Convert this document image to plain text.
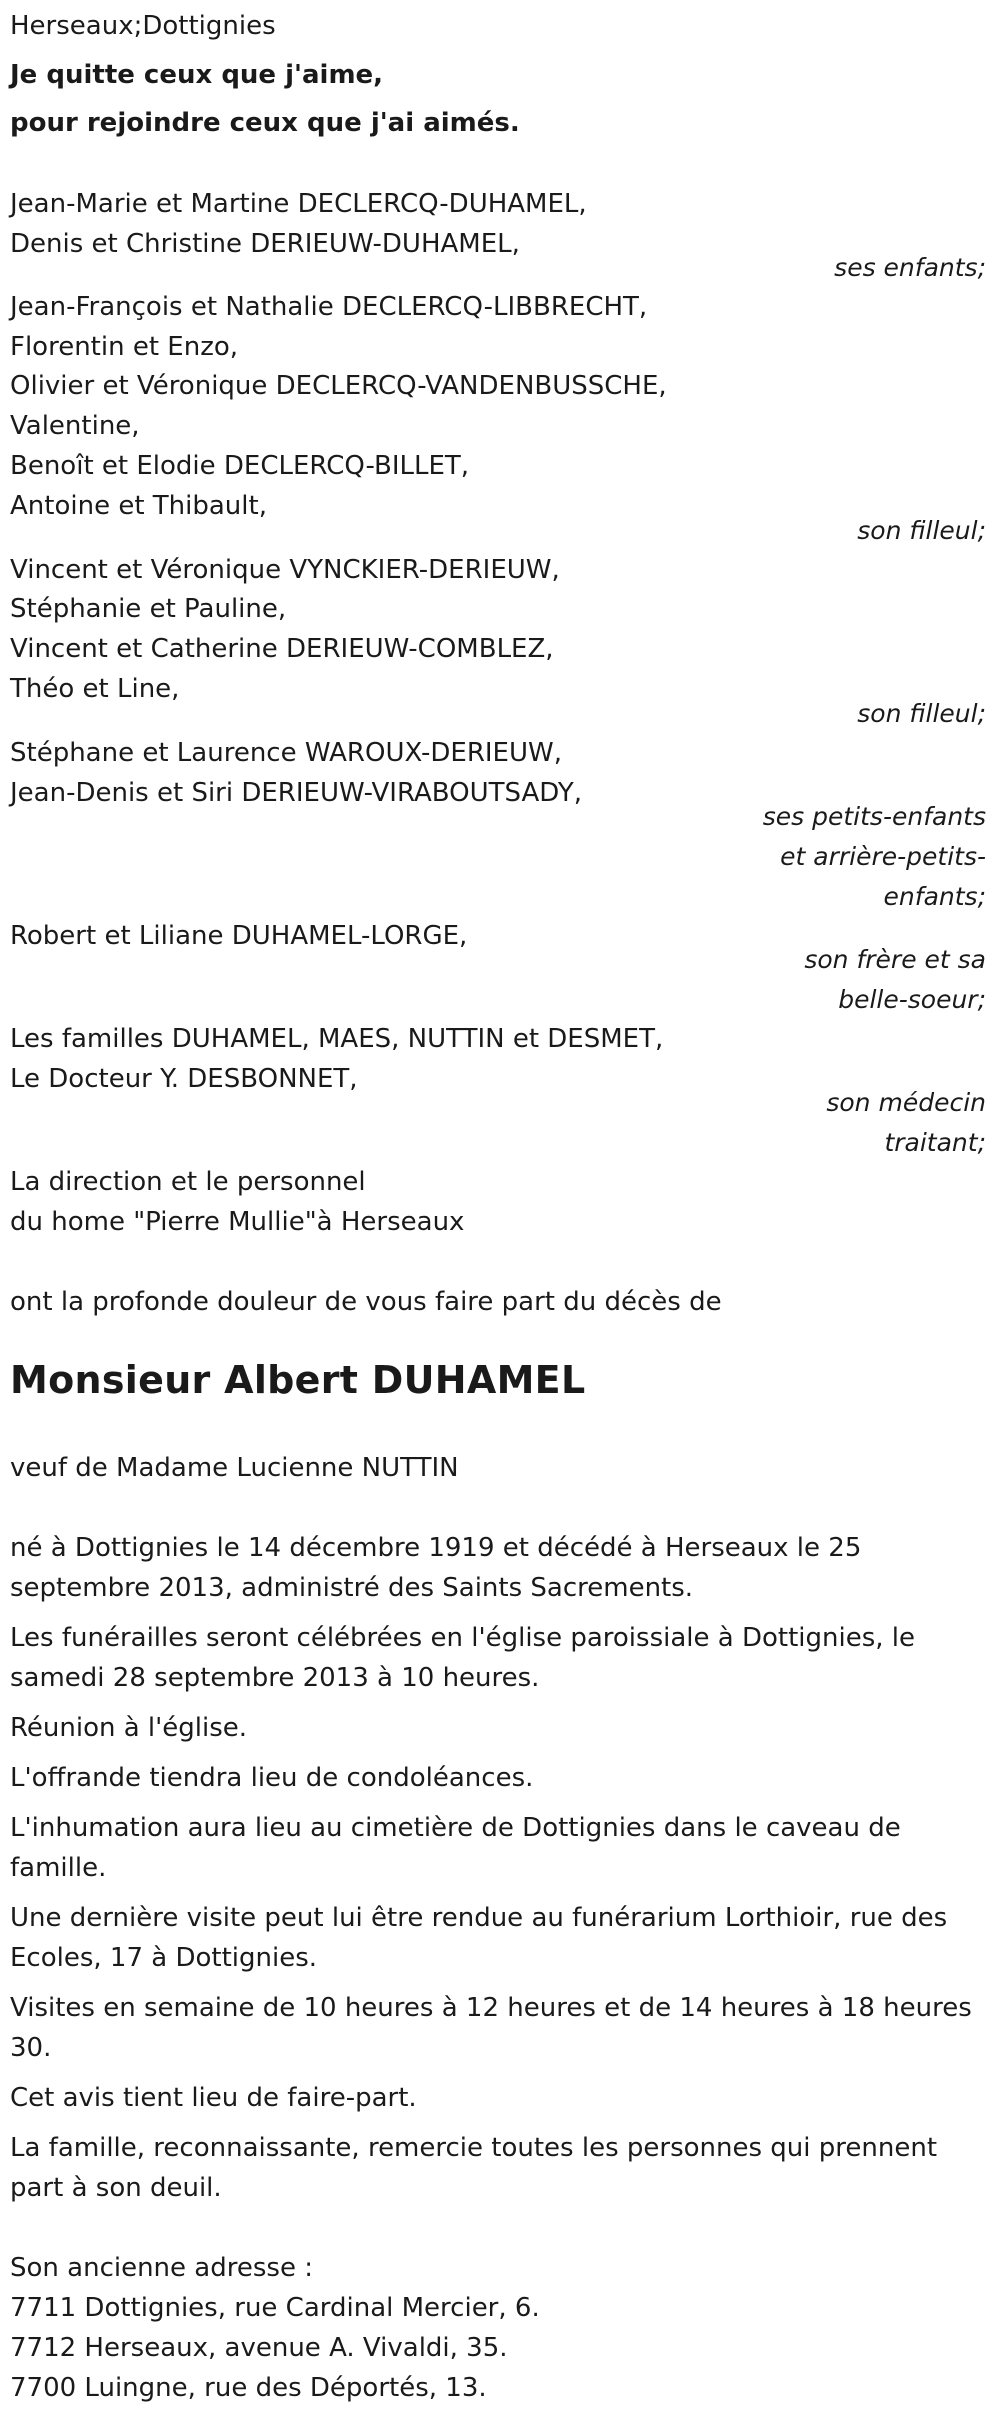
Herseaux;Dottignies
Je quitte ceux que j'aime,
pour rejoindre ceux que j'ai aimés.
Jean-Marie et Martine DECLERCQ-DUHAMEL,
Denis et Christine DERIEUW-DUHAMEL,
ses enfants;
Jean-François et Nathalie DECLERCQ-LIBBRECHT,
Florentin et Enzo,
Olivier et Véronique DECLERCQ-VANDENBUSSCHE,
Valentine,
Benoît et Elodie DECLERCQ-BILLET,
Antoine et Thibault,
son filleul;
Vincent et Véronique VYNCKIER-DERIEUW,
Stéphanie et Pauline,
Vincent et Catherine DERIEUW-COMBLEZ,
Théo et Line,
son filleul;
Stéphane et Laurence WAROUX-DERIEUW,
Jean-Denis et Siri DERIEUW-VIRABOUTSADY,
ses petits-enfants
et arrière-petits-
enfants;
Robert et Liliane DUHAMEL-LORGE,
son frère et sa
belle-soeur;
Les familles DUHAMEL, MAES, NUTTIN et DESMET,
Le Docteur Y. DESBONNET,
son médecin
traitant;
La direction et le personnel
du home "Pierre Mullie"à Herseaux
ont la profonde douleur de vous faire part du décès de
Monsieur Albert DUHAMEL
veuf de Madame Lucienne NUTTIN
né à Dottignies le 14 décembre 1919 et décédé à Herseaux le 25
septembre 2013, administré des Saints Sacrements.
Les funérailles seront célébrées en l'église paroissiale à Dottignies, le
samedi 28 septembre 2013 à 10 heures.
Réunion à l'église.
L'offrande tiendra lieu de condoléances.
L'inhumation aura lieu au cimetière de Dottignies dans le caveau de
famille.
Une dernière visite peut lui être rendue au funérarium Lorthioir, rue des
Ecoles, 17 à Dottignies.
Visites en semaine de 10 heures à 12 heures et de 14 heures à 18 heures
30.
Cet avis tient lieu de faire-part.
La famille, reconnaissante, remercie toutes les personnes qui prennent
part à son deuil.
Son ancienne adresse :
7711 Dottignies, rue Cardinal Mercier, 6.
7712 Herseaux, avenue A. Vivaldi, 35.
7700 Luingne, rue des Déportés, 13.
